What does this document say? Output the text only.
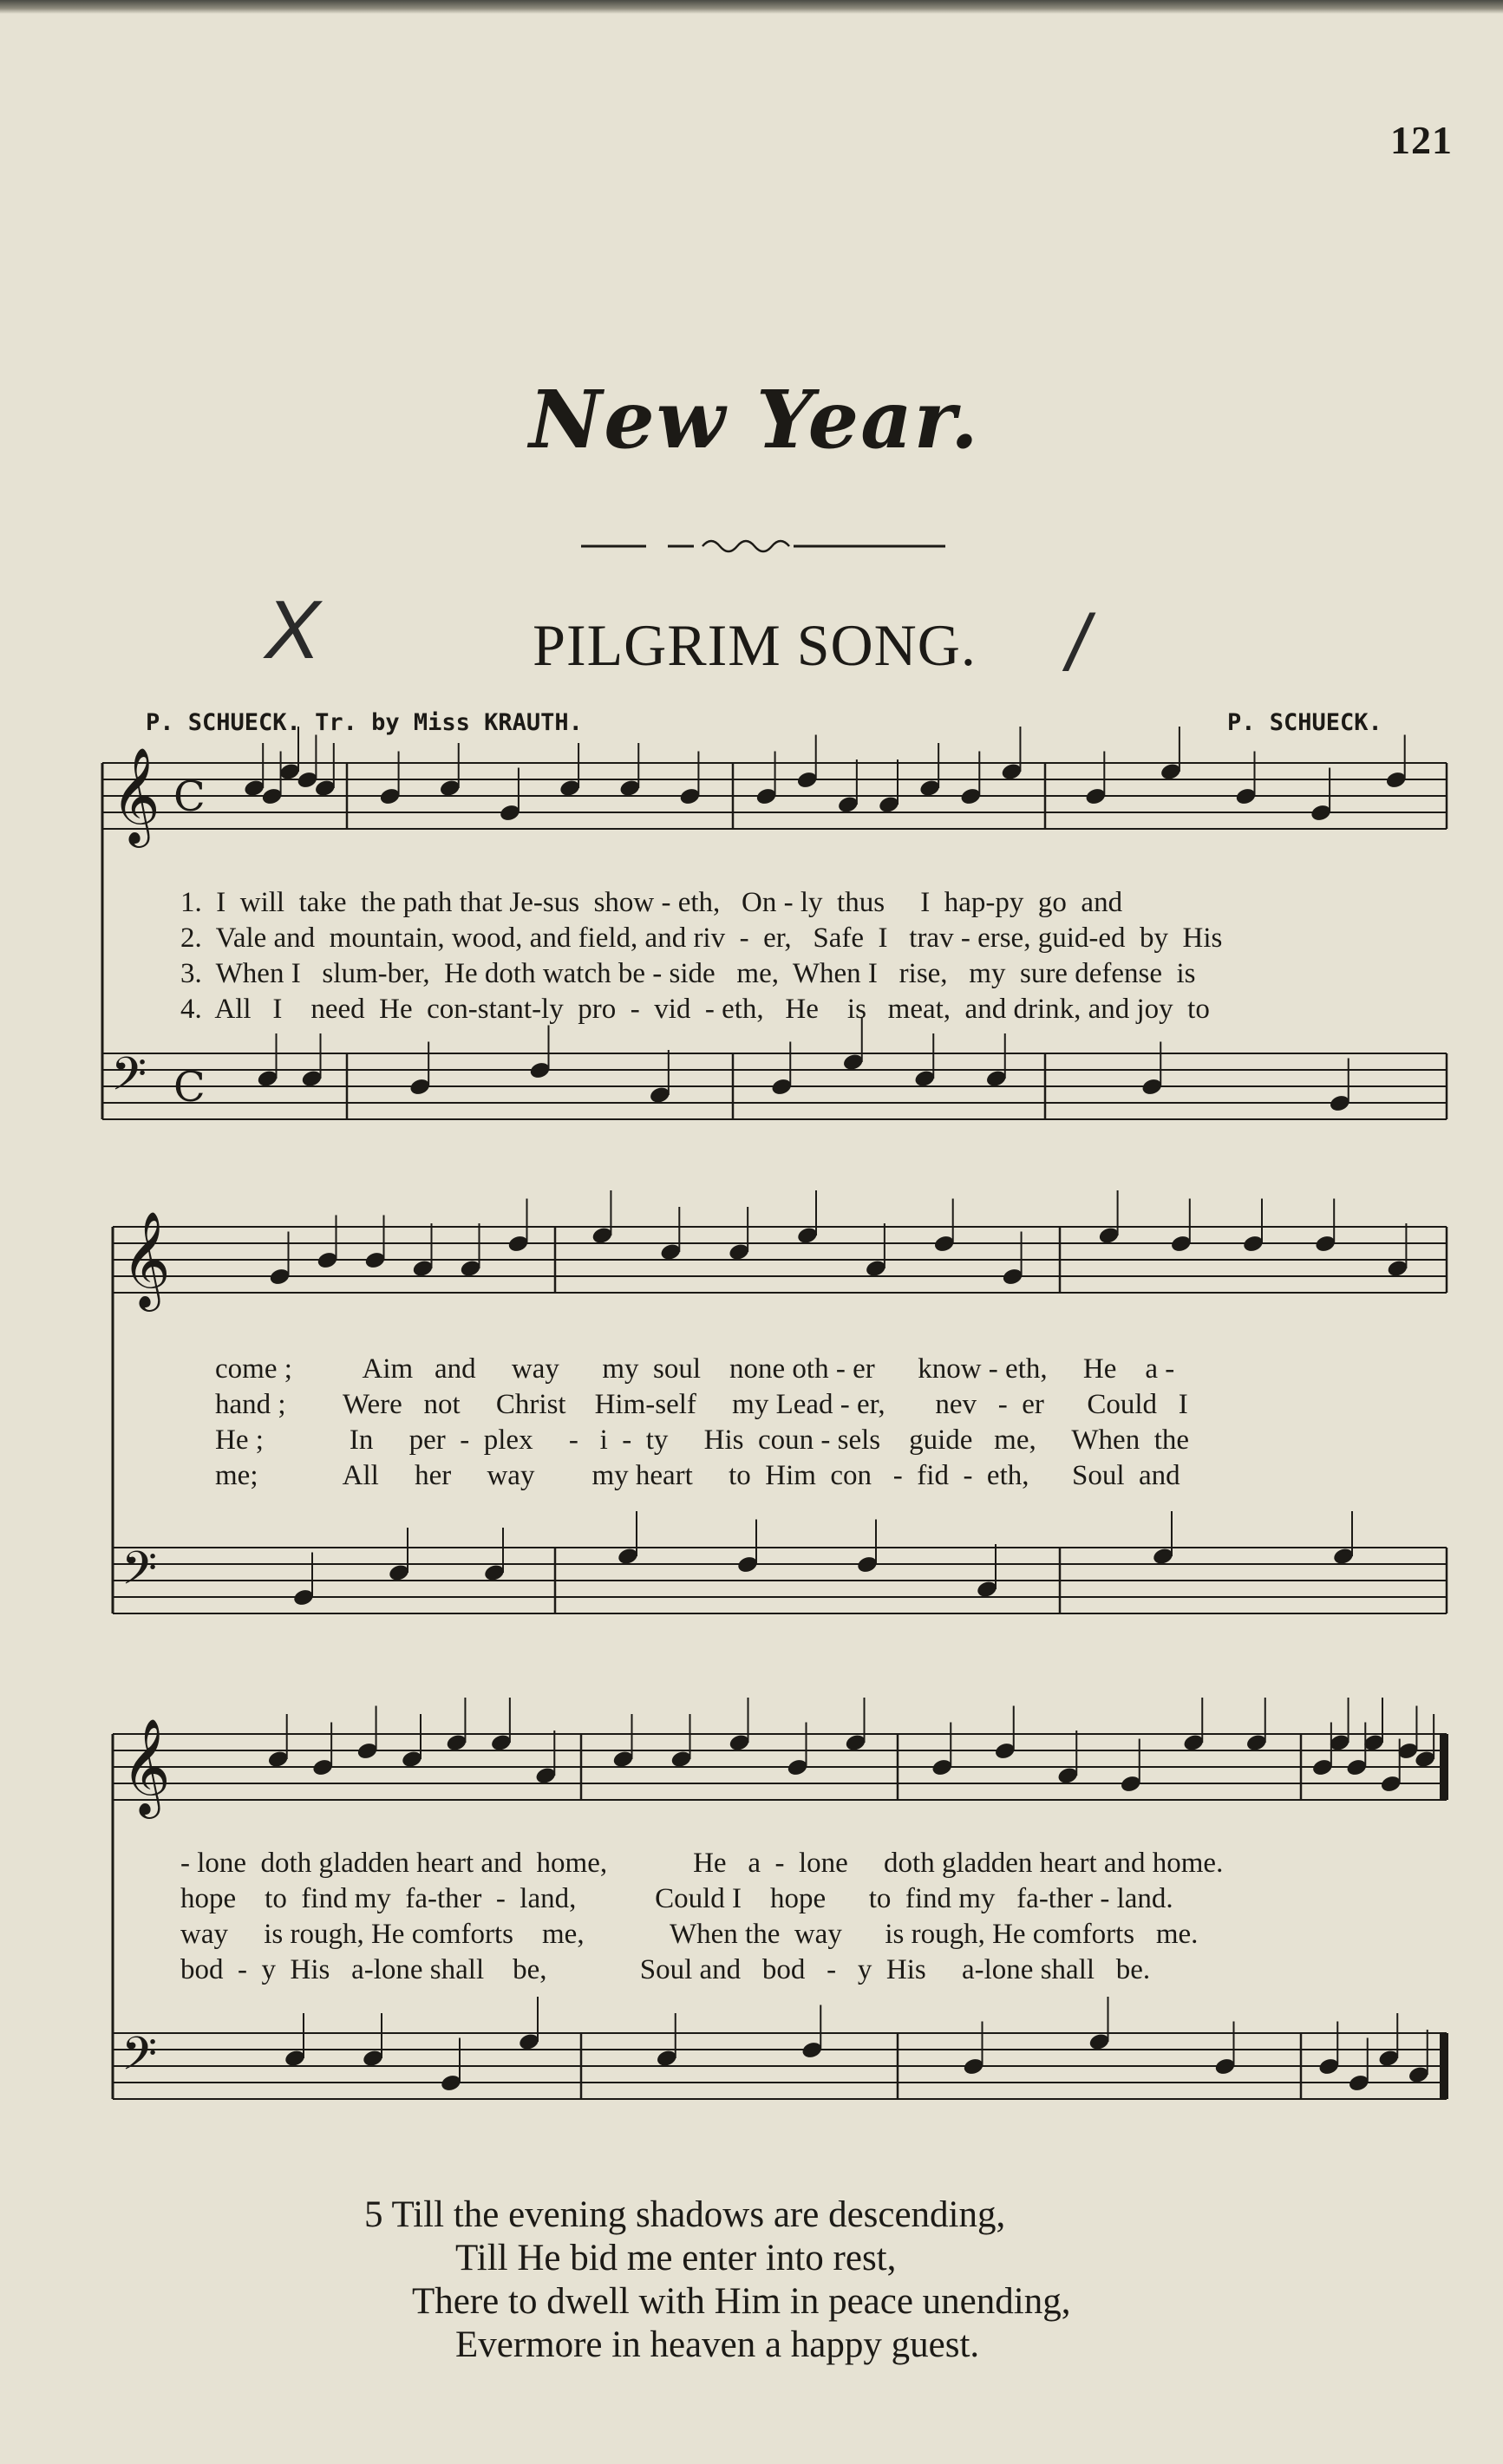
121
New Year.
X	/
PILGRIM SONG.
P. SCHUECK. Tr. by Miss KRAUTH.	P. SCHUECK.
𝄞
𝄢
C
C
𝄞
𝄢
𝄞
𝄢
1.  I  will  take  the path that Je-sus  show - eth,   On - ly  thus     I  hap-py  go  and
2.  Vale and  mountain, wood, and field, and riv  -  er,   Safe  I   trav - erse, guid-ed  by  His
3.  When I   slum-ber,  He doth watch be - side   me,  When I   rise,   my  sure defense  is
4.  All   I    need  He  con-stant-ly  pro  -  vid  - eth,   He    is   meat,  and drink, and joy  to
come ;          Aim   and     way      my  soul    none oth - er      know - eth,     He    a -
hand ;        Were   not     Christ    Him-self     my Lead - er,       nev   -  er      Could   I
He ;            In     per  -  plex     -   i  -  ty     His  coun - sels    guide   me,     When  the
me;            All     her     way        my heart     to  Him  con   -  fid  -  eth,      Soul  and
- lone  doth gladden heart and  home,            He   a  -  lone     doth gladden heart and home.
hope    to  find my  fa-ther  -  land,           Could I    hope      to  find my   fa-ther - land.
way     is rough, He comforts    me,            When the  way      is rough, He comforts   me.
bod  -  y  His   a-lone shall    be,             Soul and   bod   -   y  His     a-lone shall   be.
5 Till the evening shadows are descending,
Till He bid me enter into rest,
There to dwell with Him in peace unending,
Evermore in heaven a happy guest.
